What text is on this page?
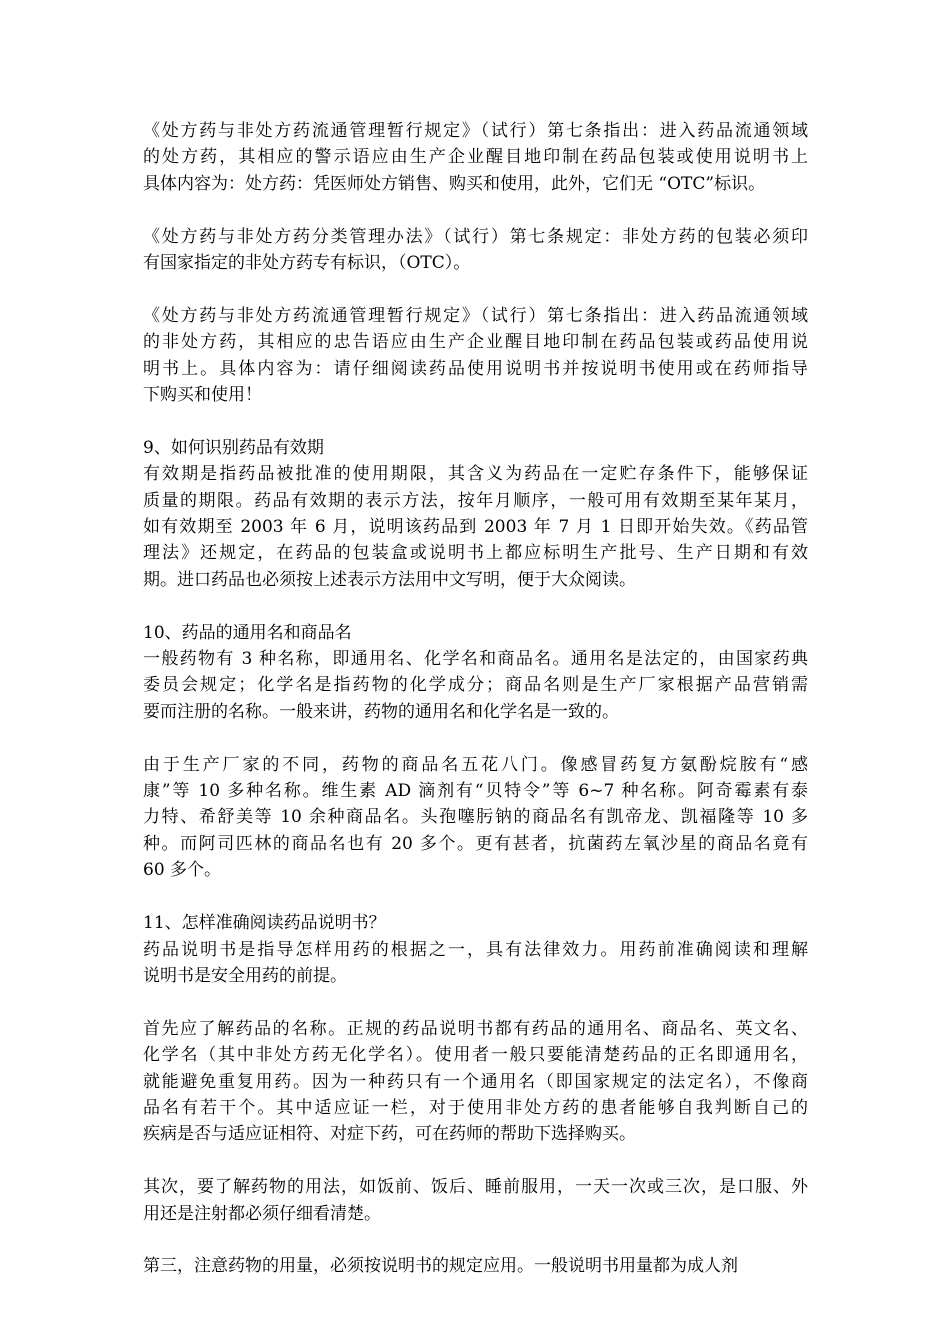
《处方药与非处方药流通管理暂行规定》（试行）第七条指出：进入药品流通领域
的处方药，其相应的警示语应由生产企业醒目地印制在药品包装或使用说明书上
具体内容为：处方药：凭医师处方销售、购买和使用，此外，它们无 “OTC”标识。
《处方药与非处方药分类管理办法》（试行）第七条规定：非处方药的包装必须印
有国家指定的非处方药专有标识，（OTC）。
《处方药与非处方药流通管理暂行规定》（试行）第七条指出：进入药品流通领域
的非处方药，其相应的忠告语应由生产企业醒目地印制在药品包装或药品使用说
明书上。具体内容为：请仔细阅读药品使用说明书并按说明书使用或在药师指导
下购买和使用！
9、如何识别药品有效期
有效期是指药品被批准的使用期限，其含义为药品在一定贮存条件下，能够保证
质量的期限。药品有效期的表示方法，按年月顺序，一般可用有效期至某年某月，
如有效期至 2003 年 6 月，说明该药品到 2003 年 7 月 1 日即开始失效。《药品管
理法》还规定，在药品的包装盒或说明书上都应标明生产批号、生产日期和有效
期。进口药品也必须按上述表示方法用中文写明，便于大众阅读。
10、药品的通用名和商品名
一般药物有 3 种名称，即通用名、化学名和商品名。通用名是法定的，由国家药典
委员会规定；化学名是指药物的化学成分；商品名则是生产厂家根据产品营销需
要而注册的名称。一般来讲，药物的通用名和化学名是一致的。
由于生产厂家的不同，药物的商品名五花八门。像感冒药复方氨酚烷胺有“感
康”等 10 多种名称。维生素 AD 滴剂有“贝特令”等 6~7 种名称。阿奇霉素有泰
力特、希舒美等 10 余种商品名。头孢噻肟钠的商品名有凯帝龙、凯福隆等 10 多
种。而阿司匹林的商品名也有 20 多个。更有甚者，抗菌药左氧沙星的商品名竟有
60 多个。
11、怎样准确阅读药品说明书？
药品说明书是指导怎样用药的根据之一，具有法律效力。用药前准确阅读和理解
说明书是安全用药的前提。
首先应了解药品的名称。正规的药品说明书都有药品的通用名、商品名、英文名、
化学名（其中非处方药无化学名）。使用者一般只要能清楚药品的正名即通用名，
就能避免重复用药。因为一种药只有一个通用名（即国家规定的法定名），不像商
品名有若干个。其中适应证一栏，对于使用非处方药的患者能够自我判断自己的
疾病是否与适应证相符、对症下药，可在药师的帮助下选择购买。
其次，要了解药物的用法，如饭前、饭后、睡前服用，一天一次或三次，是口服、外
用还是注射都必须仔细看清楚。
第三，注意药物的用量，必须按说明书的规定应用。一般说明书用量都为成人剂
